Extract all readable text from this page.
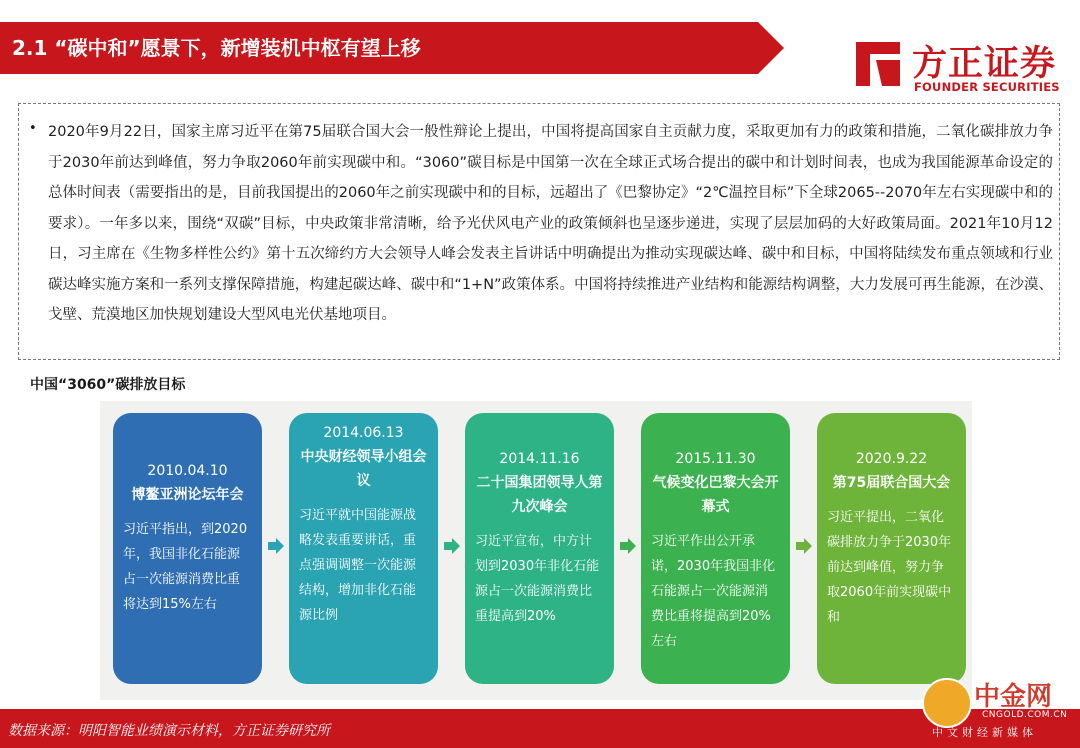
2.1 “碳中和”愿景下，新增装机中枢有望上移	方正证券
FOUNDER SECURITIES
• 2020年9月22日，国家主席习近平在第75届联合国大会一般性辩论上提出，中国将提高国家自主贡献力度，采取更加有力的政策和措施，二氧化碳排放力争于2030年前达到峰值，努力争取2060年前实现碳中和。“3060”碳目标是中国第一次在全球正式场合提出的碳中和计划时间表，也成为我国能源革命设定的总体时间表（需要指出的是，目前我国提出的2060年之前实现碳中和的目标，远超出了《巴黎协定》“2℃温控目标”下全球2065--2070年左右实现碳中和的要求）。一年多以来，围绕“双碳”目标，中央政策非常清晰，给予光伏风电产业的政策倾斜也呈逐步递进，实现了层层加码的大好政策局面。2021年10月12日，习主席在《生物多样性公约》第十五次缔约方大会领导人峰会发表主旨讲话中明确提出为推动实现碳达峰、碳中和目标，中国将陆续发布重点领域和行业碳达峰实施方案和一系列支撑保障措施，构建起碳达峰、碳中和“1+N”政策体系。中国将持续推进产业结构和能源结构调整，大力发展可再生能源，在沙漠、戈壁、荒漠地区加快规划建设大型风电光伏基地项目。
中国“3060”碳排放目标
2010.04.10
博鳌亚洲论坛年会
习近平指出，到2020年，我国非化石能源占一次能源消费比重将达到15%左右
2014.06.13
中央财经领导小组会议
习近平就中国能源战略发表重要讲话，重点强调调整一次能源结构，增加非化石能源比例
2014.11.16
二十国集团领导人第九次峰会
习近平宣布，中方计划到2030年非化石能源占一次能源消费比重提高到20%
2015.11.30
气候变化巴黎大会开幕式
习近平作出公开承诺，2030年我国非化石能源占一次能源消费比重将提高到20%左右
2020.9.22
第75届联合国大会
习近平提出，二氧化碳排放力争于2030年前达到峰值，努力争取2060年前实现碳中和
数据来源：明阳智能业绩演示材料，方正证券研究所
中金网
CNGOLD.COM.CN
中文财经新媒体
